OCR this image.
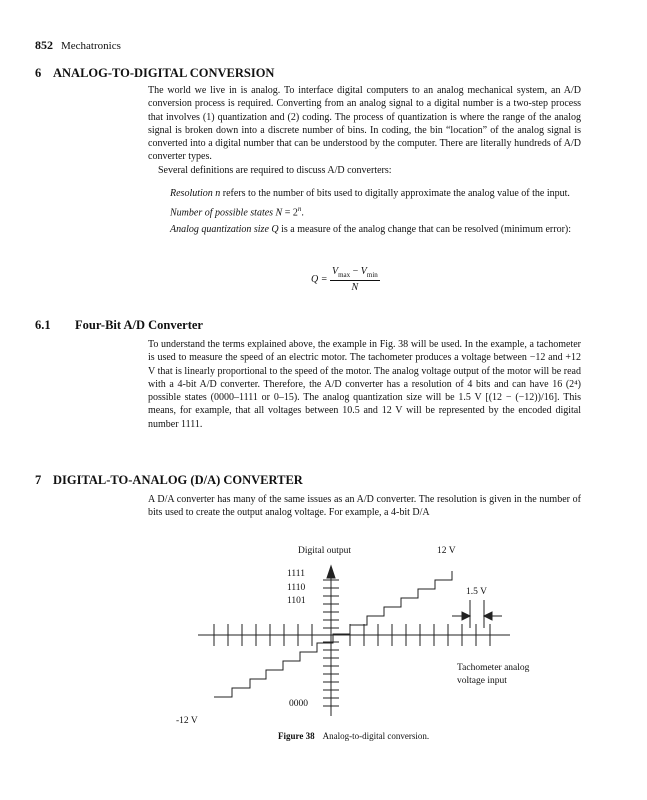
852 Mechatronics
6 ANALOG-TO-DIGITAL CONVERSION
The world we live in is analog. To interface digital computers to an analog mechanical system, an A/D conversion process is required. Converting from an analog signal to a digital number is a two-step process that involves (1) quantization and (2) coding. The process of quantization is where the range of the analog signal is broken down into a discrete number of bins. In coding, the bin “location” of the analog signal is converted into a digital number that can be understood by the computer. There are literally hundreds of A/D converter types.
Several definitions are required to discuss A/D converters:
Resolution n refers to the number of bits used to digitally approximate the analog value of the input.
Number of possible states $N = 2^n$.
Analog quantization size Q is a measure of the analog change that can be resolved (minimum error):
$Q = \frac{V_{max} - V_{min}}{N}$
6.1 Four-Bit A/D Converter
To understand the terms explained above, the example in Fig. 38 will be used. In the example, a tachometer is used to measure the speed of an electric motor. The tachometer produces a voltage between −12 and +12 V that is linearly proportional to the speed of the motor. The analog voltage output of the motor will be read with a 4-bit A/D converter. Therefore, the A/D converter has a resolution of 4 bits and can have 16 (2⁴) possible states (0000–1111 or 0–15). The analog quantization size will be 1.5 V [(12 − (−12))/16]. This means, for example, that all voltages between 10.5 and 12 V will be represented by the encoded digital number 1111.
7 DIGITAL-TO-ANALOG (D/A) CONVERTER
A D/A converter has many of the same issues as an A/D converter. The resolution is given in the number of bits used to create the output analog voltage. For example, a 4-bit D/A
Digital output	12 V
1111
1110
1101
1.5 V
Tachometer analog
voltage input
0000
-12 V
Figure 38 Analog-to-digital conversion.
